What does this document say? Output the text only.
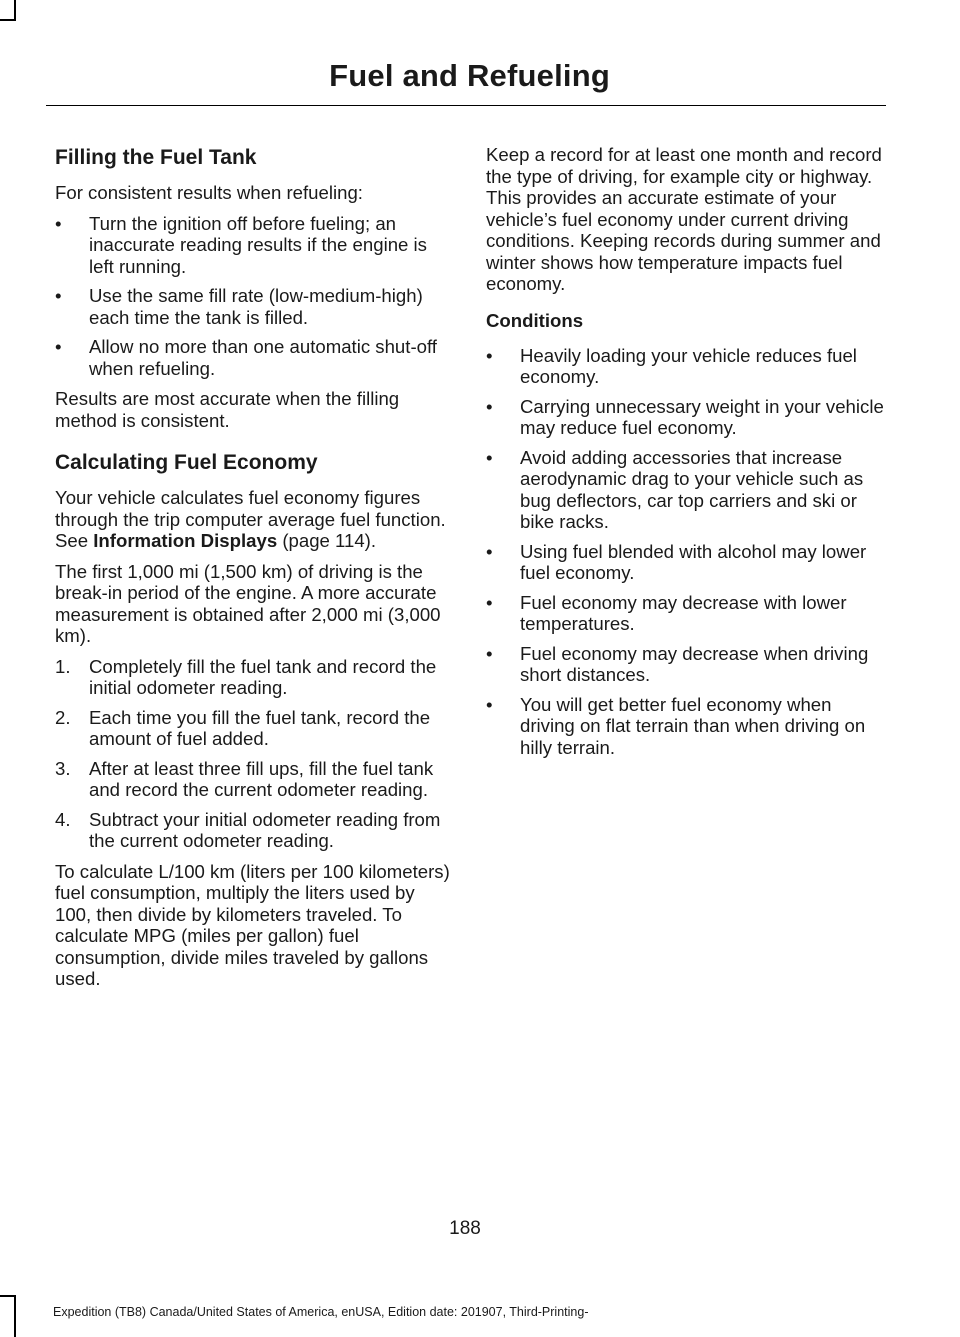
Fuel and Refueling
Filling the Fuel Tank

For consistent results when refueling:

• Turn the ignition off before fueling; an inaccurate reading results if the engine is left running.
• Use the same fill rate (low-medium-high) each time the tank is filled.
• Allow no more than one automatic shut-off when refueling.

Results are most accurate when the filling method is consistent.

Calculating Fuel Economy

Your vehicle calculates fuel economy figures through the trip computer average fuel function. See Information Displays (page 114).

The first 1,000 mi (1,500 km) of driving is the break-in period of the engine. A more accurate measurement is obtained after 2,000 mi (3,000 km).

1. Completely fill the fuel tank and record the initial odometer reading.
2. Each time you fill the fuel tank, record the amount of fuel added.
3. After at least three fill ups, fill the fuel tank and record the current odometer reading.
4. Subtract your initial odometer reading from the current odometer reading.

To calculate L/100 km (liters per 100 kilometers) fuel consumption, multiply the liters used by 100, then divide by kilometers traveled. To calculate MPG (miles per gallon) fuel consumption, divide miles traveled by gallons used.

Keep a record for at least one month and record the type of driving, for example city or highway. This provides an accurate estimate of your vehicle’s fuel economy under current driving conditions. Keeping records during summer and winter shows how temperature impacts fuel economy.

Conditions
• Heavily loading your vehicle reduces fuel economy.
• Carrying unnecessary weight in your vehicle may reduce fuel economy.
• Avoid adding accessories that increase aerodynamic drag to your vehicle such as bug deflectors, car top carriers and ski or bike racks.
• Using fuel blended with alcohol may lower fuel economy.
• Fuel economy may decrease with lower temperatures.
• Fuel economy may decrease when driving short distances.
• You will get better fuel economy when driving on flat terrain than when driving on hilly terrain.
188
Expedition (TB8) Canada/United States of America, enUSA, Edition date: 201907, Third-Printing-
